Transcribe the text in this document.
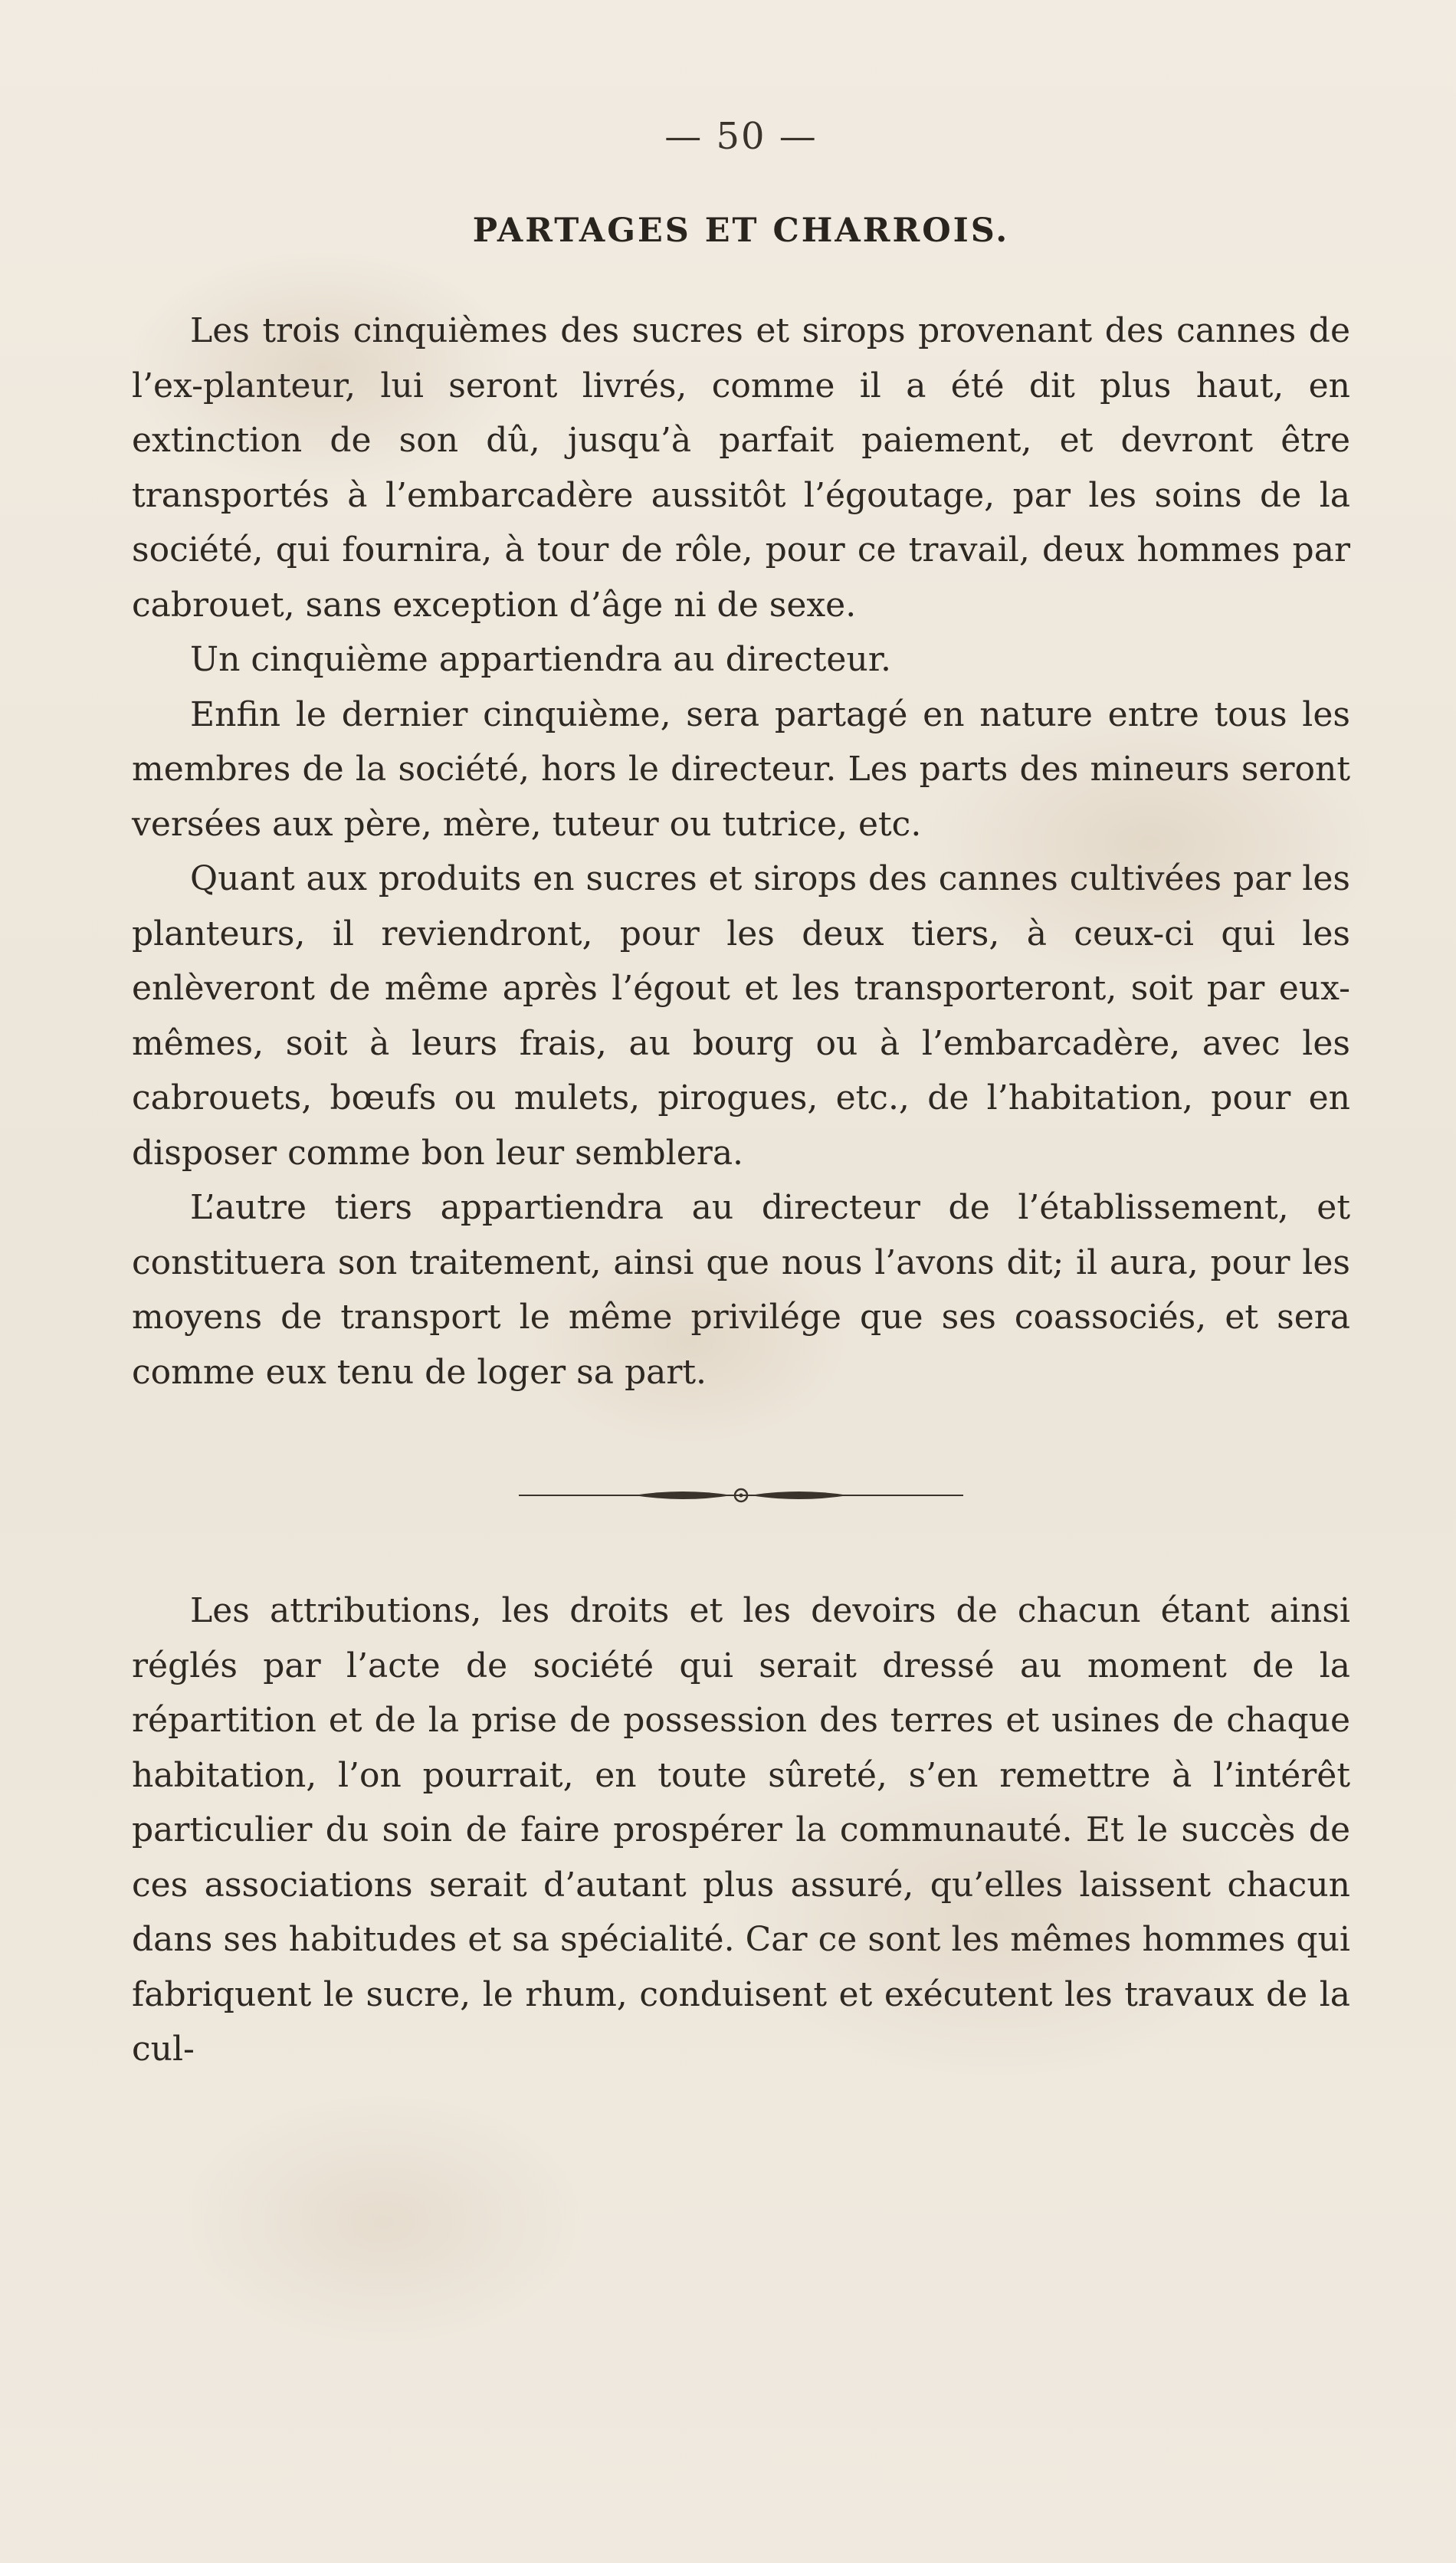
— 50 —
PARTAGES ET CHARROIS.

Les trois cinquièmes des sucres et sirops provenant des cannes de l’ex-planteur, lui seront livrés, comme il a été dit plus haut, en extinction de son dû, jusqu’à parfait paiement, et devront être transportés à l’embarcadère aussitôt l’égoutage, par les soins de la société, qui fournira, à tour de rôle, pour ce travail, deux hommes par cabrouet, sans exception d’âge ni de sexe.

Un cinquième appartiendra au directeur.

Enfin le dernier cinquième, sera partagé en nature entre tous les membres de la société, hors le directeur. Les parts des mineurs seront versées aux père, mère, tuteur ou tutrice, etc.

Quant aux produits en sucres et sirops des cannes cultivées par les planteurs, il reviendront, pour les deux tiers, à ceux-ci qui les enlèveront de même après l’égout et les transporteront, soit par eux-mêmes, soit à leurs frais, au bourg ou à l’embarcadère, avec les cabrouets, bœufs ou mulets, pirogues, etc., de l’habitation, pour en disposer comme bon leur semblera.

L’autre tiers appartiendra au directeur de l’établissement, et constituera son traitement, ainsi que nous l’avons dit; il aura, pour les moyens de transport le même privilége que ses coassociés, et sera comme eux tenu de loger sa part.

Les attributions, les droits et les devoirs de chacun étant ainsi réglés par l’acte de société qui serait dressé au moment de la répartition et de la prise de possession des terres et usines de chaque habitation, l’on pourrait, en toute sûreté, s’en remettre à l’intérêt particulier du soin de faire prospérer la communauté. Et le succès de ces associations serait d’autant plus assuré, qu’elles laissent chacun dans ses habitudes et sa spécialité. Car ce sont les mêmes hommes qui fabriquent le sucre, le rhum, conduisent et exécutent les travaux de la cul-
